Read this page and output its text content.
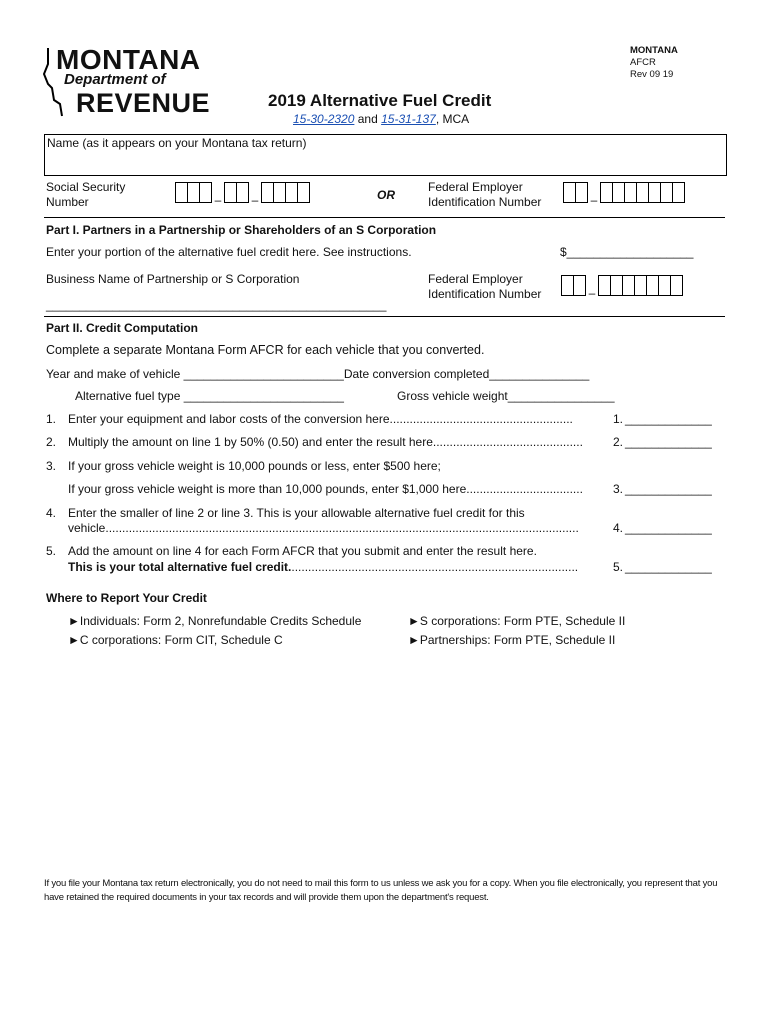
MONTANA
Department of
REVENUE
MONTANA
AFCR
Rev 09 19
2019 Alternative Fuel Credit
15-30-2320 and 15-31-137, MCA
Name (as it appears on your Montana tax return)
Social Security Number	–	–	OR
Federal Employer Identification Number	–
Part I. Partners in a Partnership or Shareholders of an S Corporation
Enter your portion of the alternative fuel credit here. See instructions.	$___________________
Business Name of Partnership or S Corporation
___________________________________________________
Federal Employer Identification Number	–
Part II. Credit Computation
Complete a separate Montana Form AFCR for each vehicle that you converted.
Year and make of vehicle ________________________Date conversion completed_______________
Alternative fuel type ________________________	Gross vehicle weight________________
1. Enter your equipment and labor costs of the conversion here.......................................................	1. _____________
2. Multiply the amount on line 1 by 50% (0.50) and enter the result here.............................................	2. _____________
3. If your gross vehicle weight is 10,000 pounds or less, enter $500 here;
If your gross vehicle weight is more than 10,000 pounds, enter $1,000 here...................................	3. _____________
4. Enter the smaller of line 2 or line 3. This is your allowable alternative fuel credit for this
vehicle..............................................................................................................................................	4. _____________
5. Add the amount on line 4 for each Form AFCR that you submit and enter the result here.
This is your total alternative fuel credit.......................................................................................	5. _____________
Where to Report Your Credit
►Individuals: Form 2, Nonrefundable Credits Schedule	►S corporations: Form PTE, Schedule II
►C corporations: Form CIT, Schedule C	►Partnerships: Form PTE, Schedule II
If you file your Montana tax return electronically, you do not need to mail this form to us unless we ask you for a copy. When you file electronically, you represent that you have retained the required documents in your tax records and will provide them upon the department's request.
